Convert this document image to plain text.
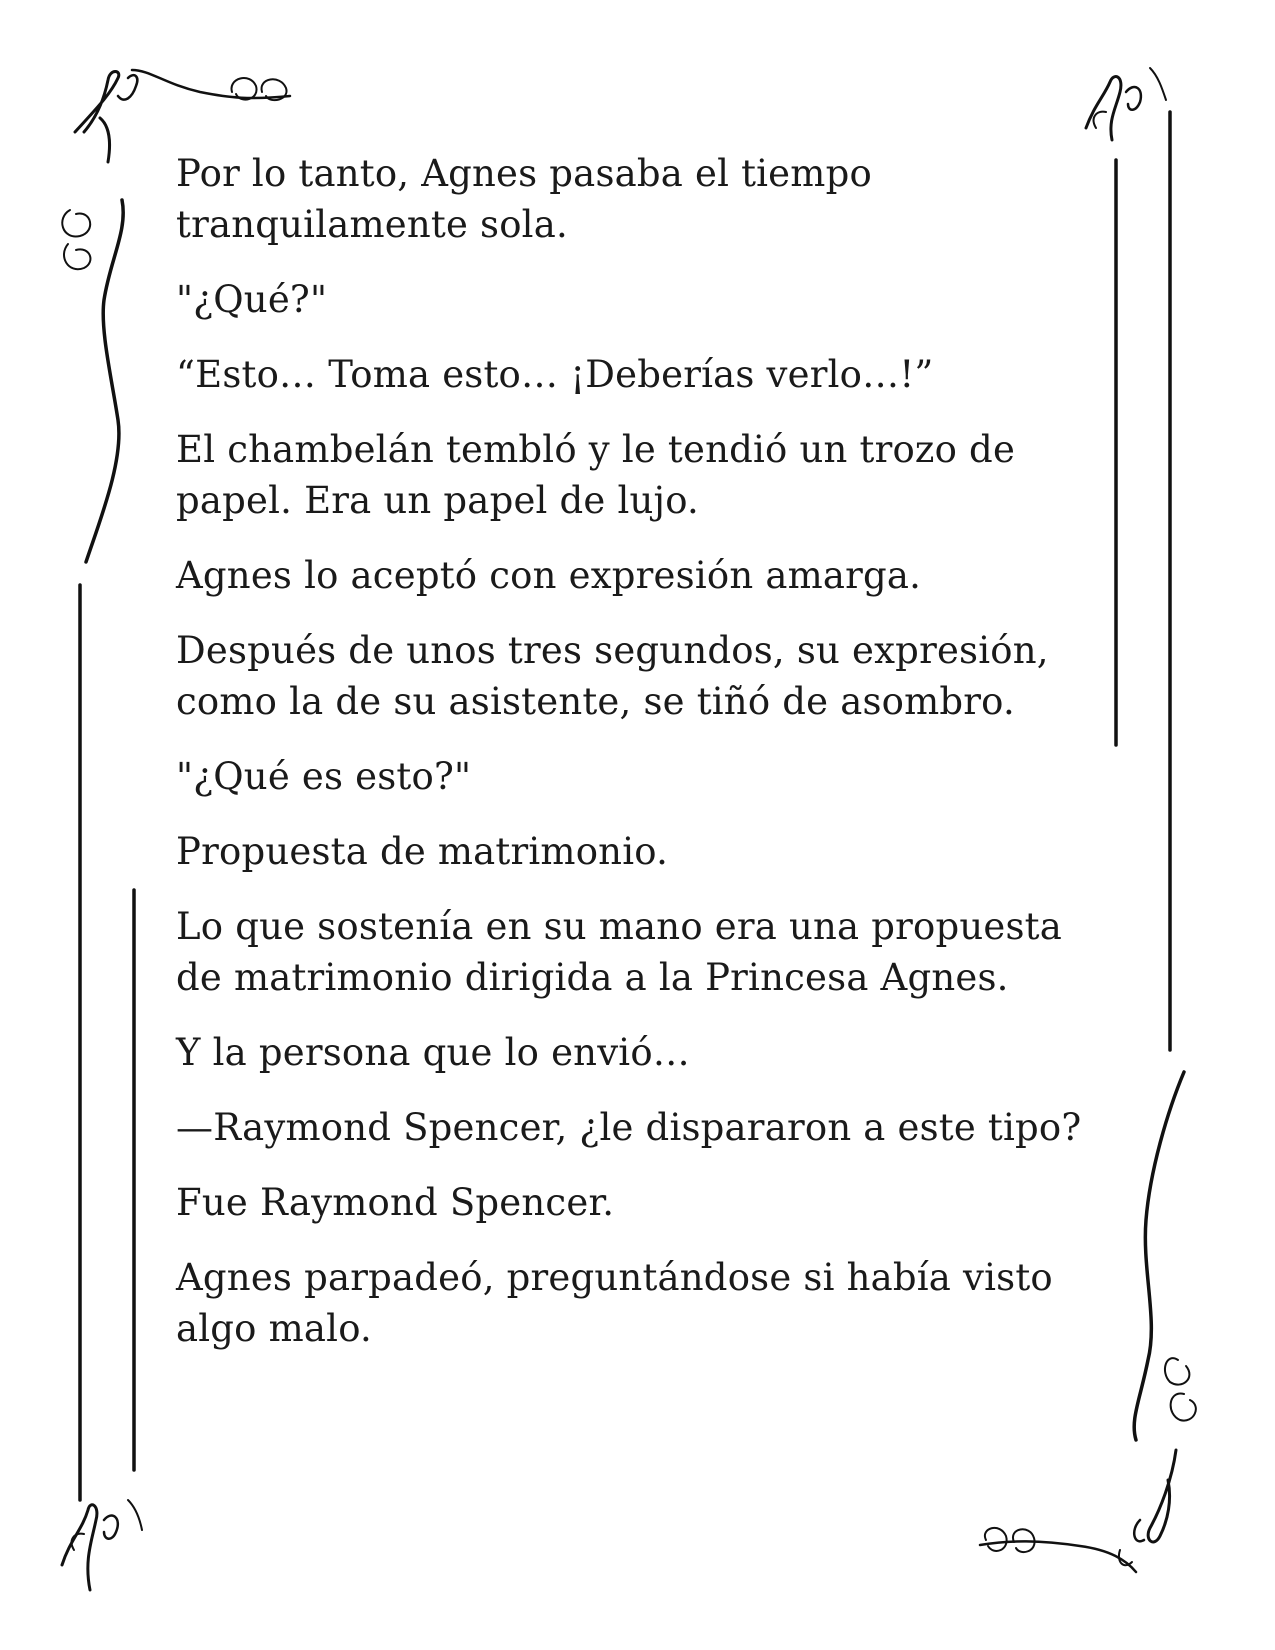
Por lo tanto, Agnes pasaba el tiempo
tranquilamente sola.

"¿Qué?"

“Esto… Toma esto… ¡Deberías verlo…!”

El chambelán tembló y le tendió un trozo de
papel. Era un papel de lujo.

Agnes lo aceptó con expresión amarga.

Después de unos tres segundos, su expresión,
como la de su asistente, se tiñó de asombro.

"¿Qué es esto?"

Propuesta de matrimonio.

Lo que sostenía en su mano era una propuesta
de matrimonio dirigida a la Princesa Agnes.

Y la persona que lo envió…

—Raymond Spencer, ¿le dispararon a este tipo?

Fue Raymond Spencer.

Agnes parpadeó, preguntándose si había visto
algo malo.
